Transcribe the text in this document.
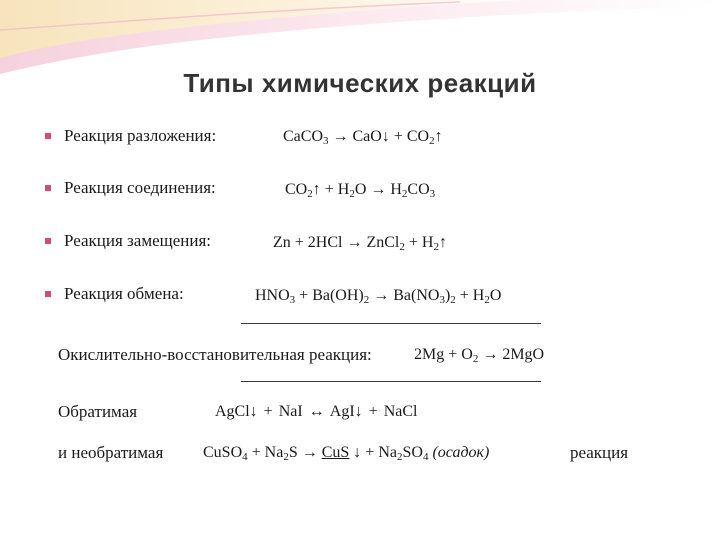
Типы химических реакций
Реакция разложения:	CaCO$_3$ → CaO↓ + $CO_2↑$
Реакция соединения:	$CO_2↑ + H_2O \to H_2CO_3$
Реакция замещения:	Zn + 2HCl → ZnCl$_2$ + $H_2↑$
Реакция обмена:	$HNO_3 + Ba(OH)_2 \to Ba(NO_3)_2 + H_2O$
Окислительно-восстановительная реакция:	$2Mg + O_2 \to 2MgO$
Обратимая	AgCl↓ + NaI ↔ AgI↓ + NaCl
и необратимая CuSO$_4$ + $Na_2S$ → CuS ↓ + $Na_2SO_4$ (осадок)	реакция
